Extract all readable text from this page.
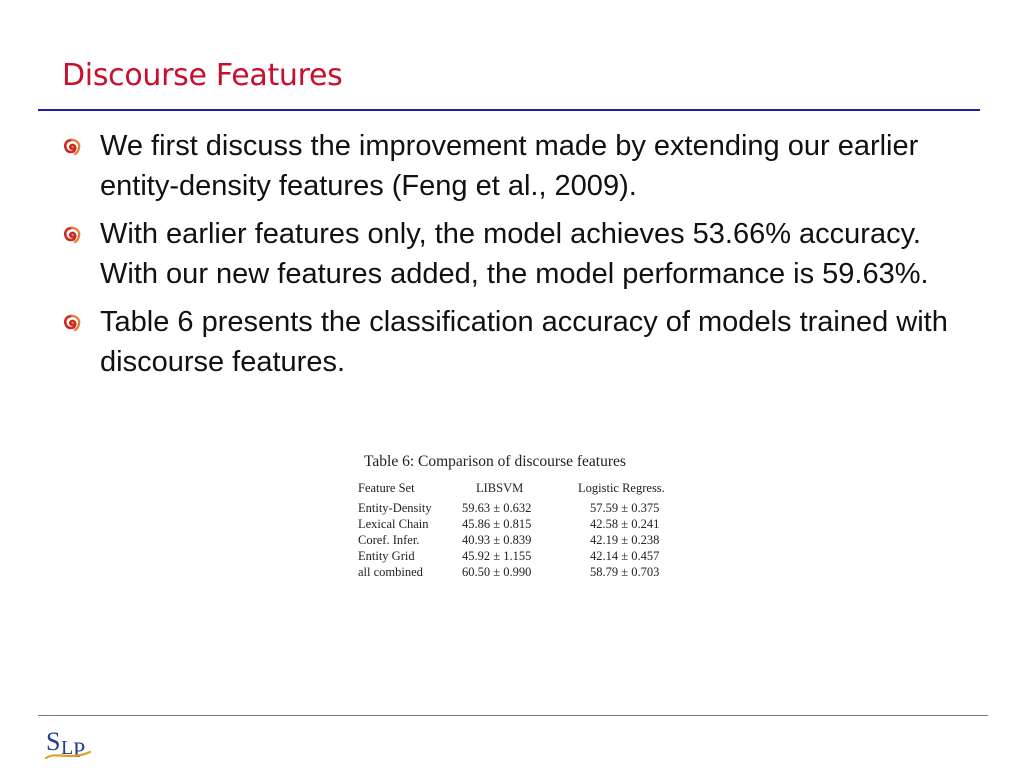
Discourse Features
We first discuss the improvement made by extending our earlier entity-density features (Feng et al., 2009).
With earlier features only, the model achieves 53.66% accuracy. With our new features added, the model performance is 59.63%.
Table 6 presents the classification accuracy of models trained with discourse features.
Table 6: Comparison of discourse features
Feature Set	LIBSVM	Logistic Regress.
Entity-Density	59.63 ± 0.632	57.59 ± 0.375
Lexical Chain	45.86 ± 0.815	42.58 ± 0.241
Coref. Infer.	40.93 ± 0.839	42.19 ± 0.238
Entity Grid	45.92 ± 1.155	42.14 ± 0.457
all combined	60.50 ± 0.990	58.79 ± 0.703
S L P
